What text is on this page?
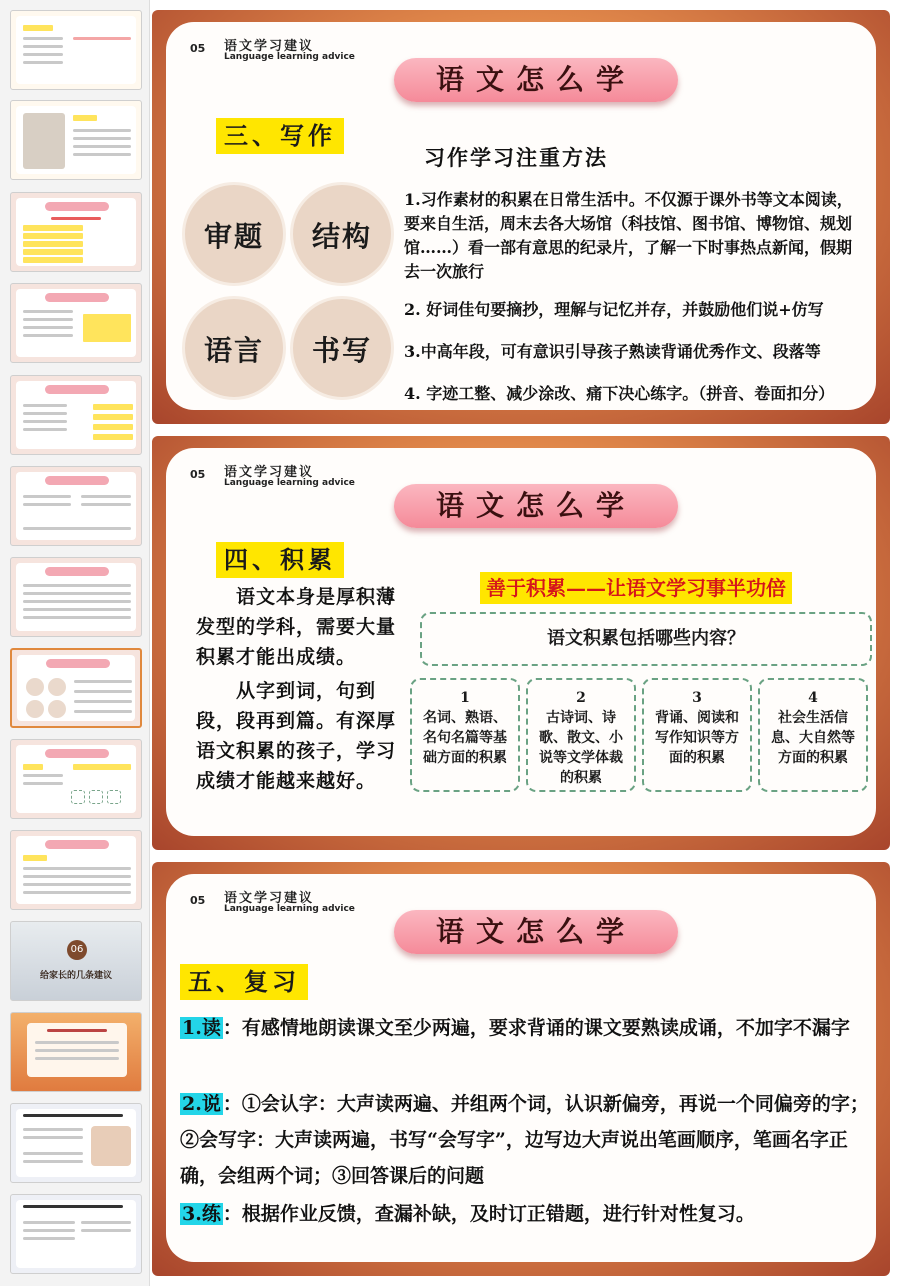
06
给家长的几条建议
05 语文学习建议
Language learning advice
语文怎么学
三、写作
习作学习注重方法
审题	结构
语言	书写
1.习作素材的积累在日常生活中。不仅源于课外书等文本阅读，要来自生活，周末去各大场馆（科技馆、图书馆、博物馆、规划馆……）看一部有意思的纪录片，了解一下时事热点新闻，假期去一次旅行
2. 好词佳句要摘抄，理解与记忆并存，并鼓励他们说+仿写
3.中高年段，可有意识引导孩子熟读背诵优秀作文、段落等
4. 字迹工整、减少涂改、痛下决心练字。（拼音、卷面扣分）
05 语文学习建议
Language learning advice
语文怎么学
四、积累
语文本身是厚积薄发型的学科，需要大量积累才能出成绩。
从字到词，句到段，段再到篇。有深厚语文积累的孩子，学习成绩才能越来越好。
善于积累——让语文学习事半功倍
语文积累包括哪些内容？
1
名词、熟语、名句名篇等基础方面的积累
2
古诗词、诗歌、散文、小说等文学体裁的积累
3
背诵、阅读和写作知识等方面的积累
4
社会生活信息、大自然等方面的积累
05 语文学习建议
Language learning advice
语文怎么学
五、复习
1.读 ：有感情地朗读课文至少两遍，要求背诵的课文要熟读成诵，不加字不漏字
2.说 ：①会认字：大声读两遍、并组两个词，认识新偏旁，再说一个同偏旁的字；②会写字：大声读两遍，书写“会写字”，边写边大声说出笔画顺序，笔画名字正确，会组两个词；③回答课后的问题
3.练 ：根据作业反馈，查漏补缺，及时订正错题，进行针对性复习。
